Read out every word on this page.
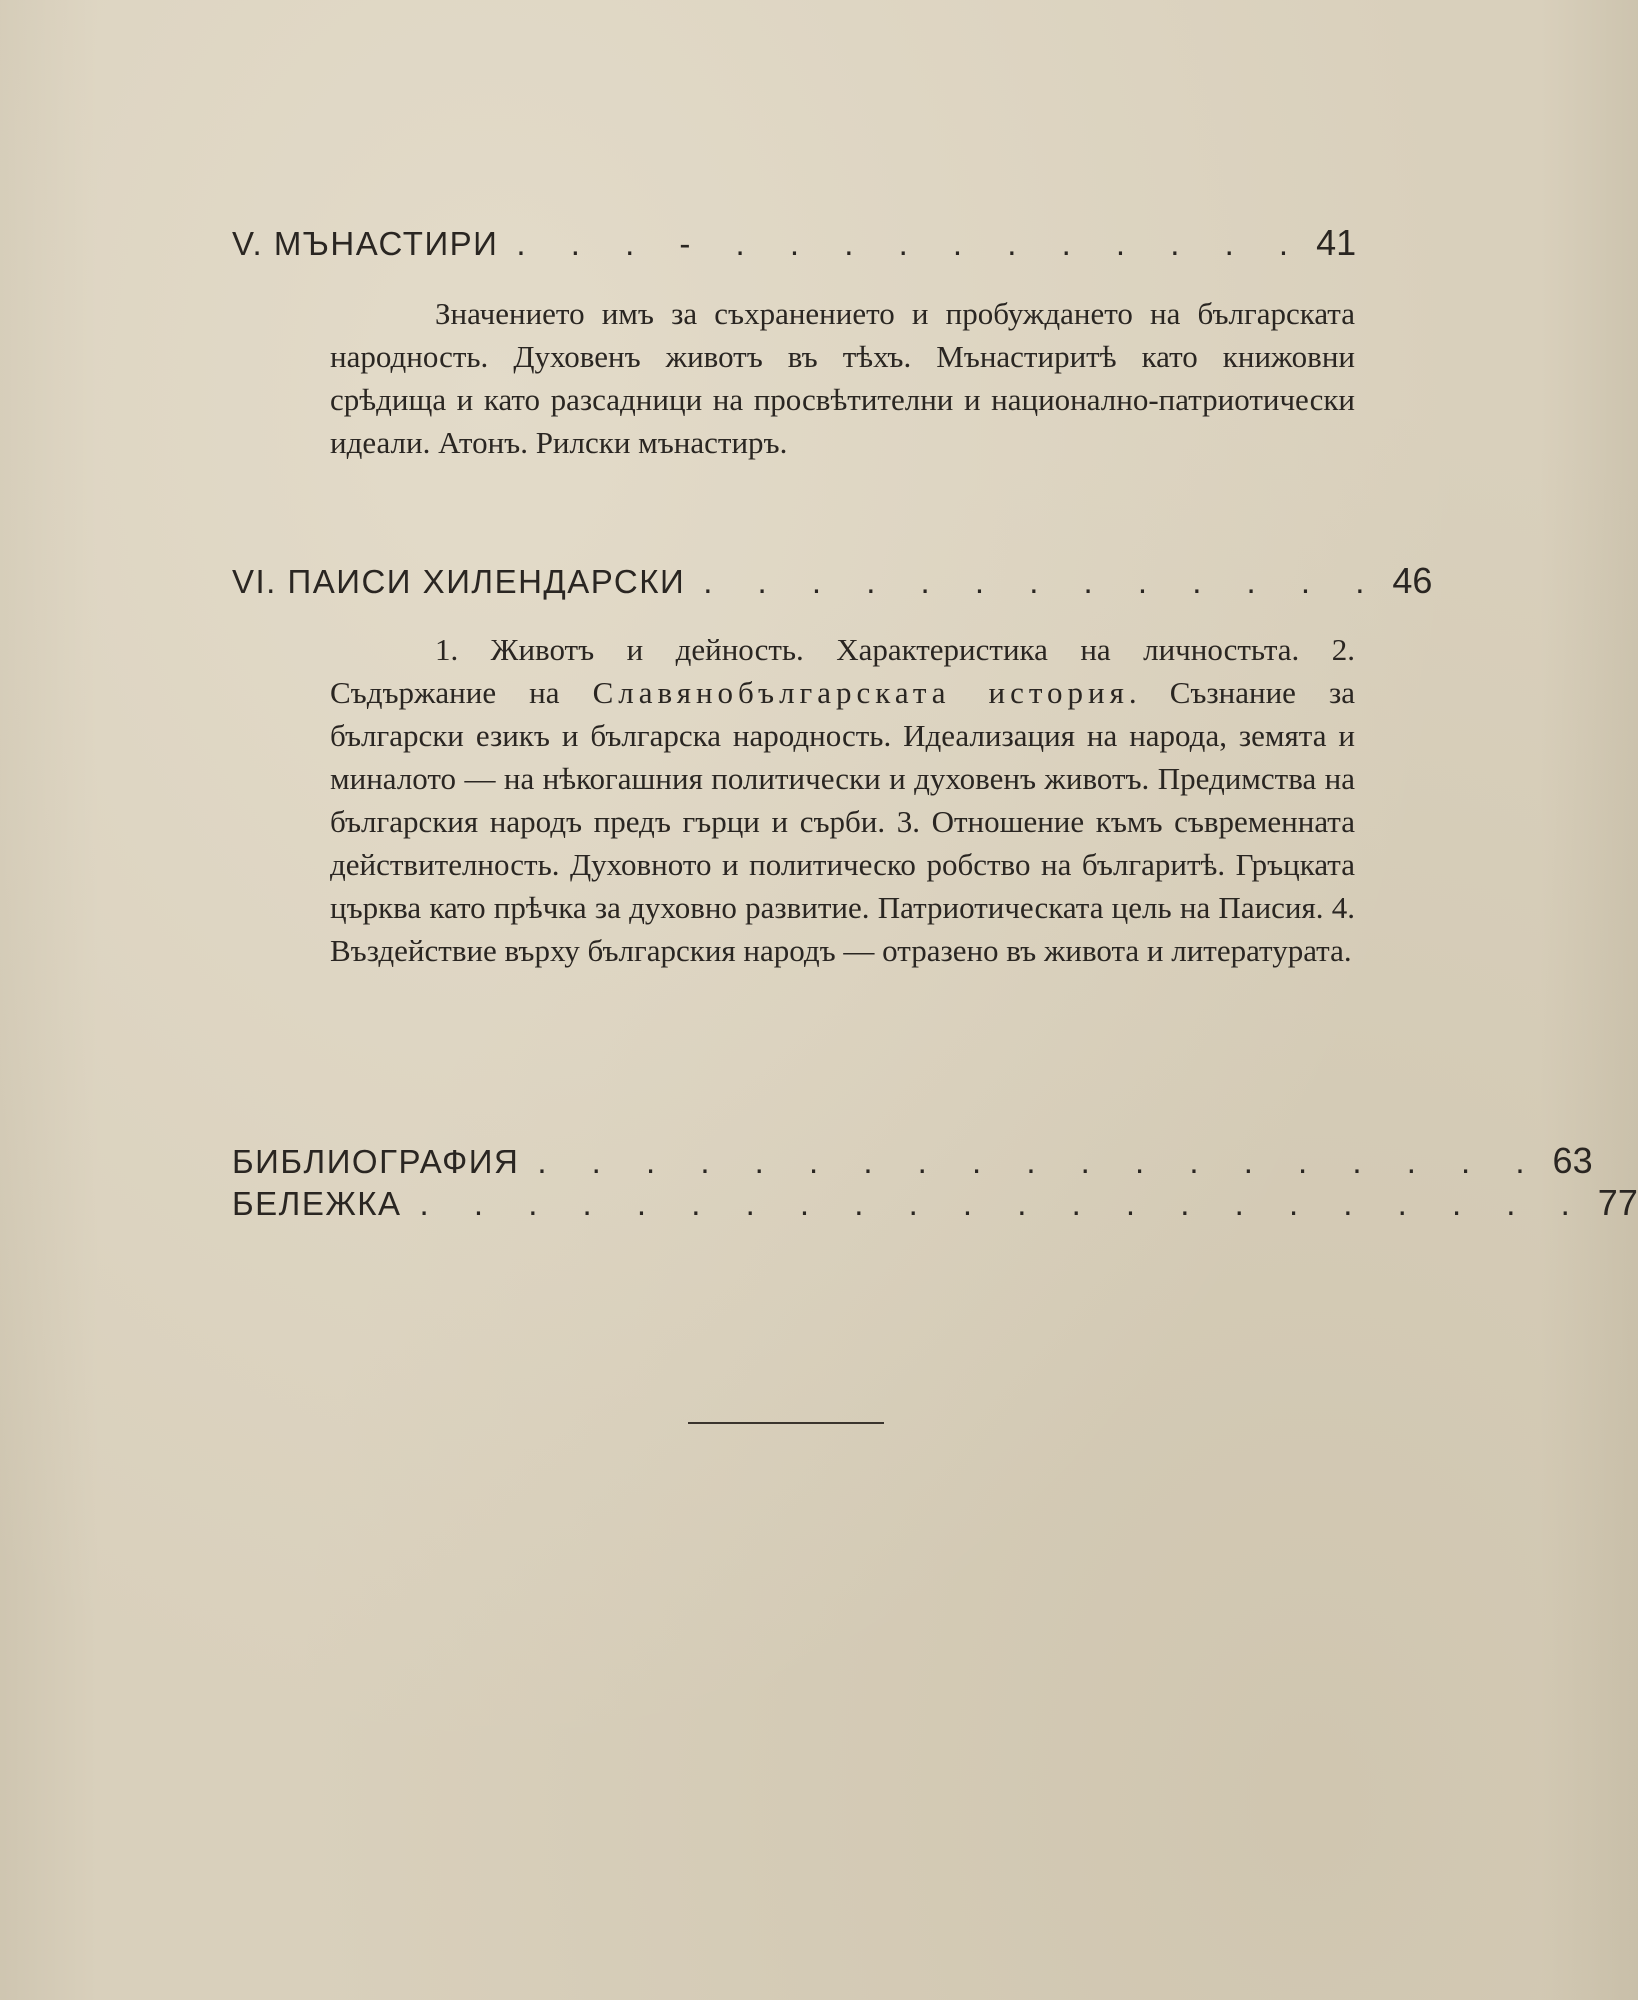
V. МЪНАСТИРИ . . . - . . . . . . . . . . . 41

Значението имъ за съхранението и пробуждането на българската народность. Духовенъ животъ въ тѣхъ. Мънастиритѣ като книжовни срѣдища и като разсадници на просвѣтителни и национално-патриотически идеали. Атонъ. Рилски мънастиръ.

VI. ПАИСИ ХИЛЕНДАРСКИ . . . . . . . . . . . . . 46

1. Животъ и дейность. Характеристика на личностьта. 2. Съдържание на Славянобългарската история. Съзнание за български езикъ и българска народность. Идеализация на народа, земята и миналото — на нѣкогашния политически и духовенъ животъ. Предимства на българския народъ предъ гърци и сърби. 3. Отношение къмъ съвременната действителность. Духовното и политическо робство на българитѣ. Гръцката църква като прѣчка за духовно развитие. Патриотическата цель на Паисия. 4. Въздействие върху българския народъ — отразено въ живота и литературата.

БИБЛИОГРАФИЯ . . . . . . . . . . . . . . . . . . . 63
БЕЛЕЖКА . . . . . . . . . . . . . . . . . . . . . . 77
